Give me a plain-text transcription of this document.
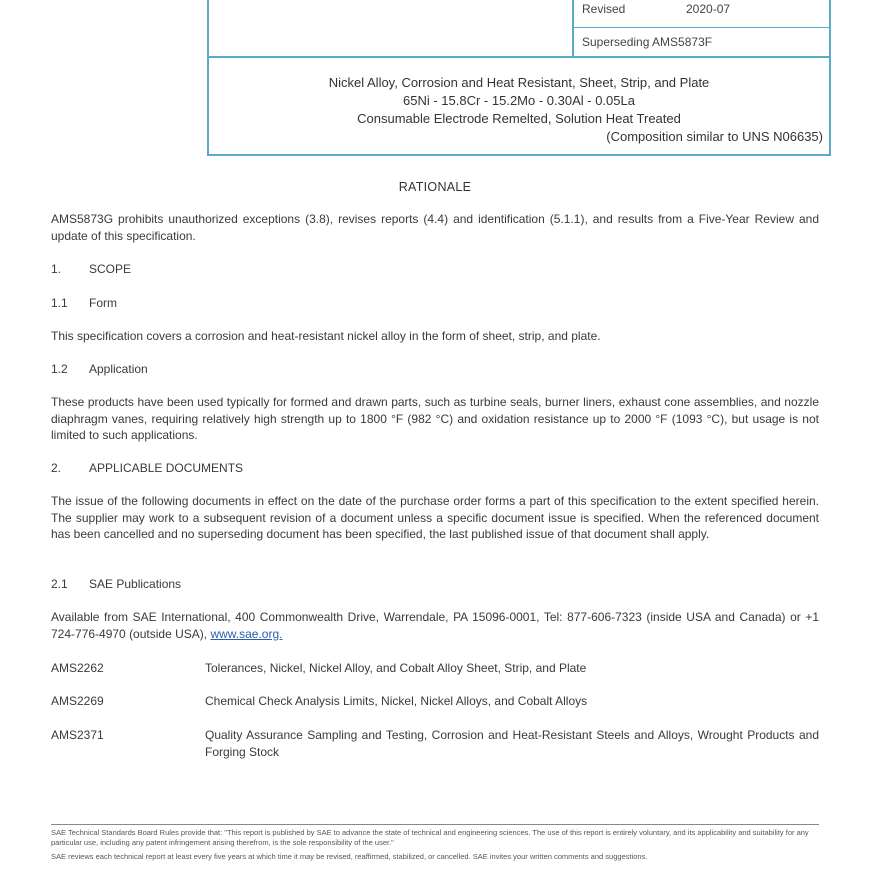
Revised	2020-07
Superseding AMS5873F
Nickel Alloy, Corrosion and Heat Resistant, Sheet, Strip, and Plate
65Ni - 15.8Cr - 15.2Mo - 0.30Al - 0.05La
Consumable Electrode Remelted, Solution Heat Treated
(Composition similar to UNS N06635)
RATIONALE
AMS5873G prohibits unauthorized exceptions (3.8), revises reports (4.4) and identification (5.1.1), and results from a Five-Year Review and update of this specification.
1. SCOPE
1.1 Form
This specification covers a corrosion and heat-resistant nickel alloy in the form of sheet, strip, and plate.
1.2 Application
These products have been used typically for formed and drawn parts, such as turbine seals, burner liners, exhaust cone assemblies, and nozzle diaphragm vanes, requiring relatively high strength up to 1800 °F (982 °C) and oxidation resistance up to 2000 °F (1093 °C), but usage is not limited to such applications.
2. APPLICABLE DOCUMENTS
The issue of the following documents in effect on the date of the purchase order forms a part of this specification to the extent specified herein. The supplier may work to a subsequent revision of a document unless a specific document issue is specified. When the referenced document has been cancelled and no superseding document has been specified, the last published issue of that document shall apply.
2.1 SAE Publications
Available from SAE International, 400 Commonwealth Drive, Warrendale, PA 15096-0001, Tel: 877-606-7323 (inside USA and Canada) or +1 724-776-4970 (outside USA), www.sae.org.
AMS2262	Tolerances, Nickel, Nickel Alloy, and Cobalt Alloy Sheet, Strip, and Plate
AMS2269	Chemical Check Analysis Limits, Nickel, Nickel Alloys, and Cobalt Alloys
AMS2371	Quality Assurance Sampling and Testing, Corrosion and Heat-Resistant Steels and Alloys, Wrought Products and Forging Stock
SAE Technical Standards Board Rules provide that: "This report is published by SAE to advance the state of technical and engineering sciences. The use of this report is entirely voluntary, and its applicability and suitability for any particular use, including any patent infringement arising therefrom, is the sole responsibility of the user."
SAE reviews each technical report at least every five years at which time it may be revised, reaffirmed, stabilized, or cancelled. SAE invites your written comments and suggestions.
